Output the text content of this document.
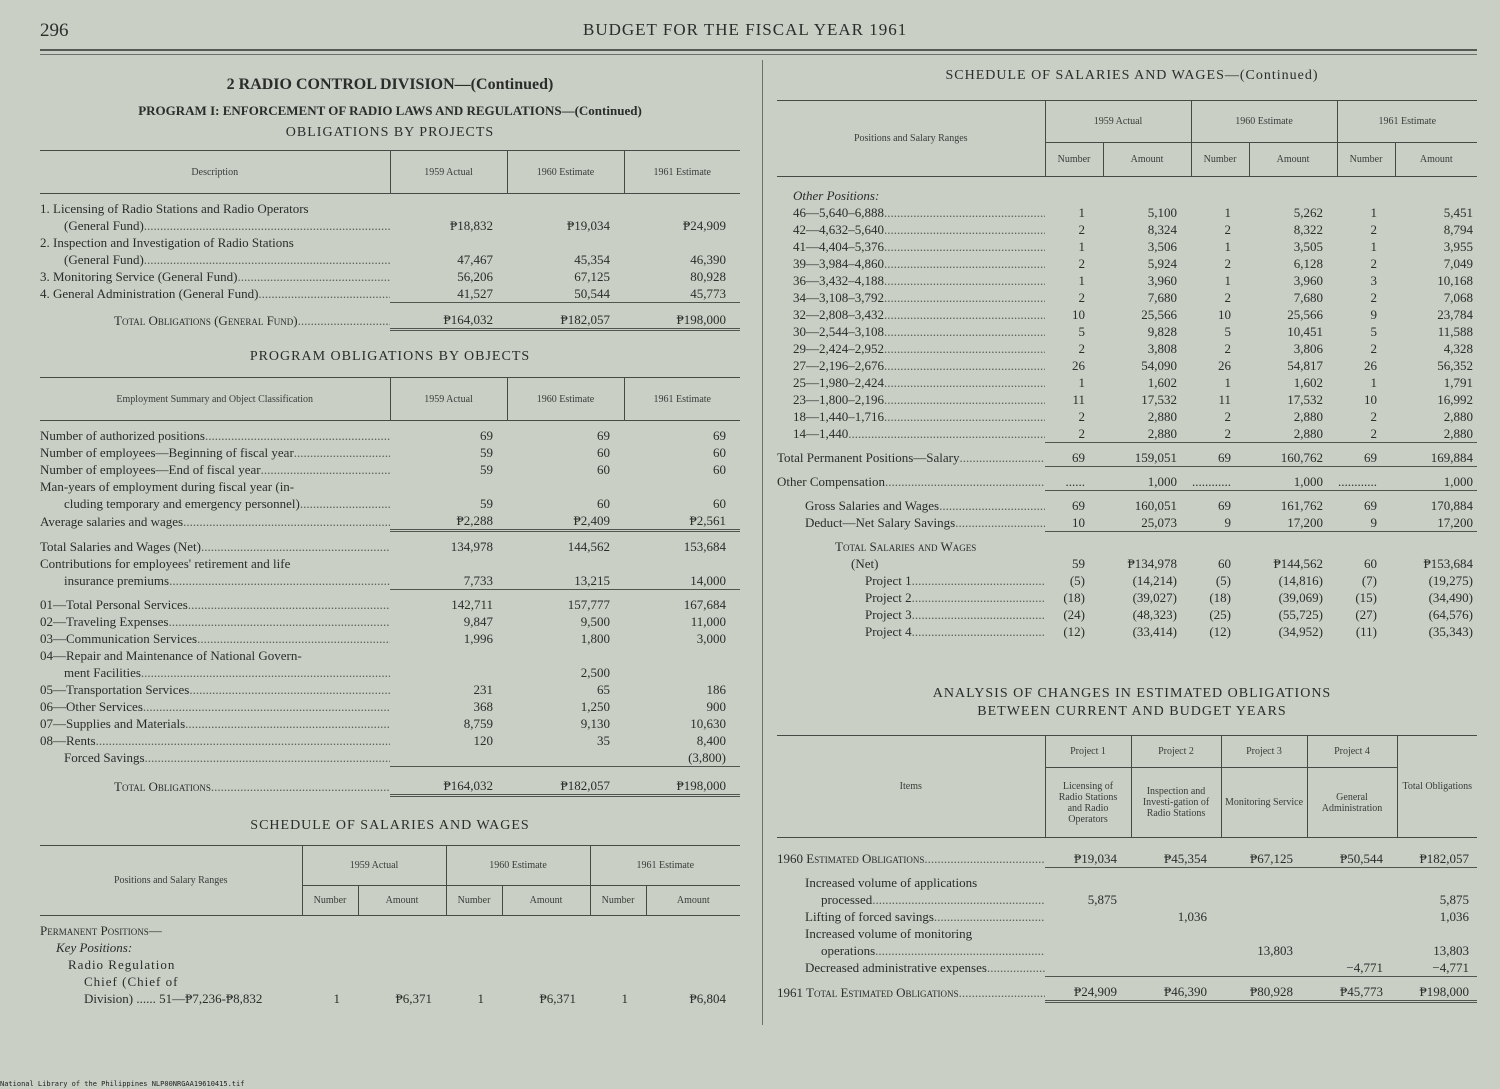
296	BUDGET FOR THE FISCAL YEAR 1961
2 RADIO CONTROL DIVISION—(Continued)
PROGRAM I: ENFORCEMENT OF RADIO LAWS AND REGULATIONS—(Continued)
OBLIGATIONS BY PROJECTS
Description	1959 Actual	1960 Estimate	1961 Estimate

1. Licensing of Radio Stations and Radio Operators			
(General Fund).....	₱18,832	₱19,034	₱24,909
2. Inspection and Investigation of Radio Stations			
(General Fund).....	47,467	45,354	46,390
3. Monitoring Service (General Fund).....	56,206	67,125	80,928
4. General Administration (General Fund).....	41,527	50,544	45,773

Total Obligations (General Fund).....	₱164,032	₱182,057	₱198,000
PROGRAM OBLIGATIONS BY OBJECTS
Employment Summary and Object Classification	1959 Actual	1960 Estimate	1961 Estimate

Number of authorized positions.....	69	69	69
Number of employees—Beginning of fiscal year.....	59	60	60
Number of employees—End of fiscal year.....	59	60	60
Man-years of employment during fiscal year (in-			
cluding temporary and emergency personnel).....	59	60	60
Average salaries and wages.....	₱2,288	₱2,409	₱2,561

Total Salaries and Wages (Net).....	134,978	144,562	153,684
Contributions for employees' retirement and life			
insurance premiums.....	7,733	13,215	14,000

01—Total Personal Services.....	142,711	157,777	167,684
02—Traveling Expenses.....	9,847	9,500	11,000
03—Communication Services.....	1,996	1,800	3,000
04—Repair and Maintenance of National Govern-			
ment Facilities.....		2,500	
05—Transportation Services.....	231	65	186
06—Other Services.....	368	1,250	900
07—Supplies and Materials.....	8,759	9,130	10,630
08—Rents.....	120	35	8,400
Forced Savings.....			(3,800)

Total Obligations.....	₱164,032	₱182,057	₱198,000
SCHEDULE OF SALARIES AND WAGES
Positions and Salary Ranges	1959 Actual		1960 Estimate		1961 Estimate	
	Number	Amount	Number	Amount	Number	Amount

Permanent Positions—						
Key Positions:						
Radio Regulation						
Chief (Chief of						
Division) ...... 51—₱7,236-₱8,832	1	₱6,371	1	₱6,371	1	₱6,804
SCHEDULE OF SALARIES AND WAGES—(Continued)
Positions and Salary Ranges	1959 Actual		1960 Estimate		1961 Estimate	
	Number	Amount	Number	Amount	Number	Amount

Other Positions:						
46—5,640–6,888.....	1	5,100	1	5,262	1	5,451
42—4,632–5,640.....	2	8,324	2	8,322	2	8,794
41—4,404–5,376.....	1	3,506	1	3,505	1	3,955
39—3,984–4,860.....	2	5,924	2	6,128	2	7,049
36—3,432–4,188.....	1	3,960	1	3,960	3	10,168
34—3,108–3,792.....	2	7,680	2	7,680	2	7,068
32—2,808–3,432.....	10	25,566	10	25,566	9	23,784
30—2,544–3,108.....	5	9,828	5	10,451	5	11,588
29—2,424–2,952.....	2	3,808	2	3,806	2	4,328
27—2,196–2,676.....	26	54,090	26	54,817	26	56,352
25—1,980–2,424.....	1	1,602	1	1,602	1	1,791
23—1,800–2,196.....	11	17,532	11	17,532	10	16,992
18—1,440–1,716.....	2	2,880	2	2,880	2	2,880
14—1,440.....	2	2,880	2	2,880	2	2,880

Total Permanent Positions—Salary.....	69	159,051	69	160,762	69	169,884

Other Compensation.....	......	1,000	............	1,000	............	1,000

Gross Salaries and Wages.....	69	160,051	69	161,762	69	170,884
Deduct—Net Salary Savings.....	10	25,073	9	17,200	9	17,200

Total Salaries and Wages						
(Net)	59	₱134,978	60	₱144,562	60	₱153,684
Project 1.....	(5)	(14,214)	(5)	(14,816)	(7)	(19,275)
Project 2.....	(18)	(39,027)	(18)	(39,069)	(15)	(34,490)
Project 3.....	(24)	(48,323)	(25)	(55,725)	(27)	(64,576)
Project 4.....	(12)	(33,414)	(12)	(34,952)	(11)	(35,343)
ANALYSIS OF CHANGES IN ESTIMATED OBLIGATIONS
BETWEEN CURRENT AND BUDGET YEARS
Items	Project 1	Project 2	Project 3	Project 4	Total Obligations
	Licensing of Radio Stations and Radio Operators	Inspection and Investi-gation of Radio Stations	Monitoring Service	General Administration	

1960 Estimated Obligations.....	₱19,034	₱45,354	₱67,125	₱50,544	₱182,057

Increased volume of applications					
processed.....	5,875				5,875
Lifting of forced savings.....		1,036			1,036
Increased volume of monitoring					
operations.....			13,803		13,803
Decreased administrative expenses.....				−4,771	−4,771

1961 Total Estimated Obligations.....	₱24,909	₱46,390	₱80,928	₱45,773	₱198,000
National Library of the Philippines NLP00NRGAA19610415.tif
